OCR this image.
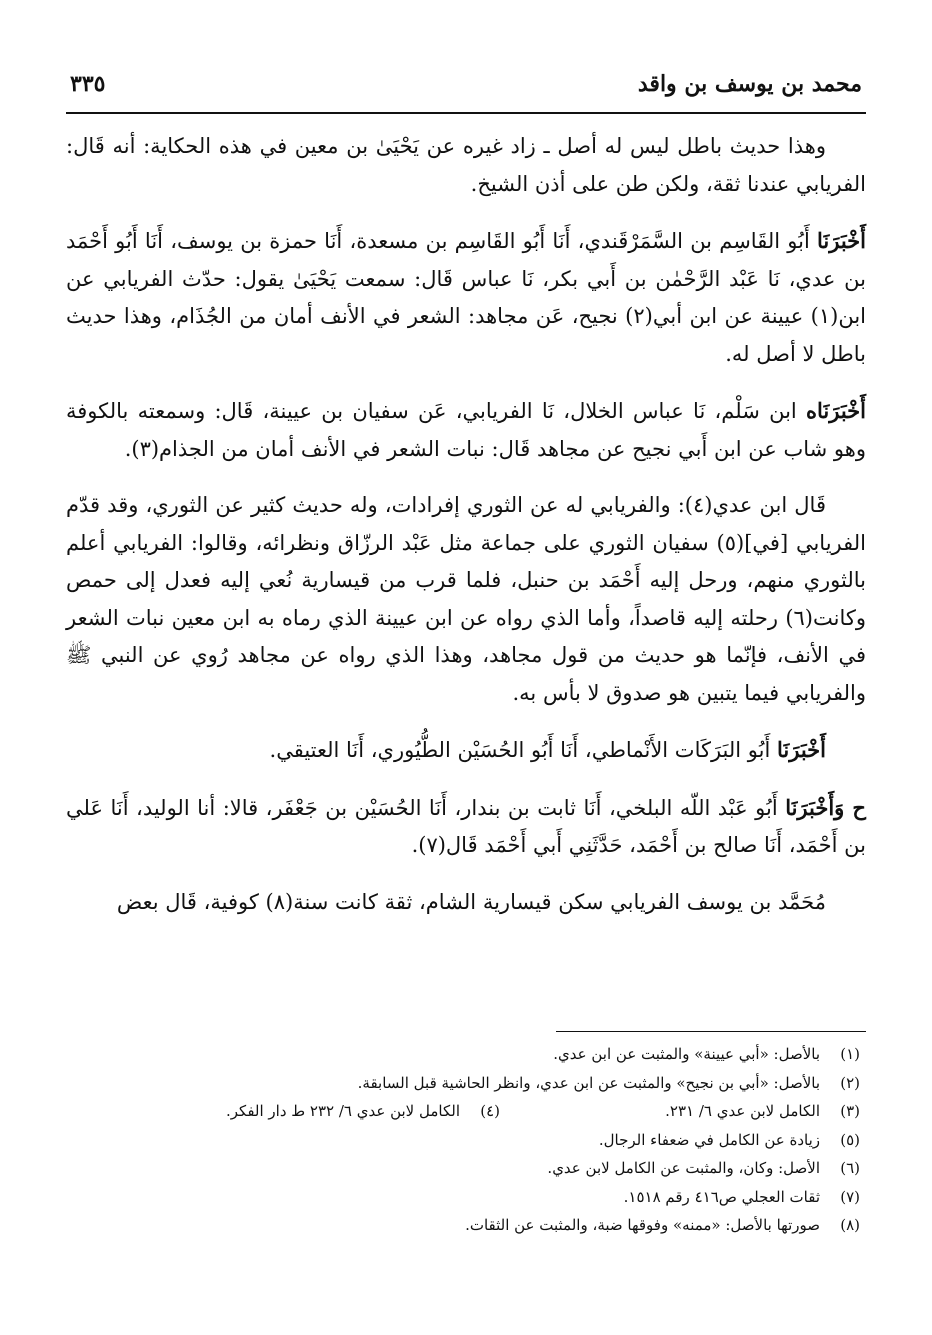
محمد بن يوسف بن واقد
٣٣٥

وهذا حديث باطل ليس له أصل ـ زاد غيره عن يَحْيَىٰ بن معين في هذه الحكاية: أنه قَال: الفريابي عندنا ثقة، ولكن طن على أذن الشيخ.

أَخْبَرَنَا أَبُو القَاسِم بن السَّمَرْقَندي، أَنَا أَبُو القَاسِم بن مسعدة، أَنَا حمزة بن يوسف، أَنَا أَبُو أَحْمَد بن عدي، نَا عَبْد الرَّحْمٰن بن أَبي بكر، نَا عباس قَال: سمعت يَحْيَىٰ يقول: حدّث الفريابي عن ابن(١) عيينة عن ابن أبي(٢) نجيح، عَن مجاهد: الشعر في الأنف أمان من الجُذَام، وهذا حديث باطل لا أصل له.

أَخْبَرَنَاه ابن سَلْم، نَا عباس الخلال، نَا الفريابي، عَن سفيان بن عيينة، قَال: وسمعته بالكوفة وهو شاب عن ابن أَبي نجيح عن مجاهد قَال: نبات الشعر في الأنف أمان من الجذام(٣).

قَال ابن عدي(٤): والفريابي له عن الثوري إفرادات، وله حديث كثير عن الثوري، وقد قدّم الفريابي [في](٥) سفيان الثوري على جماعة مثل عَبْد الرزّاق ونظرائه، وقالوا: الفريابي أعلم بالثوري منهم، ورحل إليه أَحْمَد بن حنبل، فلما قرب من قيسارية نُعي إليه فعدل إلى حمص وكانت(٦) رحلته إليه قاصداً، وأما الذي رواه عن ابن عيينة الذي رماه به ابن معين نبات الشعر في الأنف، فإنّما هو حديث من قول مجاهد، وهذا الذي رواه عن مجاهد رُوي عن النبي ﷺ والفريابي فيما يتبين هو صدوق لا بأس به.

أَخْبَرَنَا أَبُو البَرَكَات الأَنْماطي، أَنَا أَبُو الحُسَيْن الطُّيُوري، أَنَا العتيقي.

ح وَأَخْبَرَنَا أَبُو عَبْد اللّه البلخي، أَنَا ثابت بن بندار، أَنَا الحُسَيْن بن جَعْفَر، قالا: أنا الوليد، أَنَا عَلي بن أَحْمَد، أَنَا صالح بن أَحْمَد، حَدَّثَنِي أَبي أَحْمَد قَال(٧).

مُحَمَّد بن يوسف الفريابي سكن قيسارية الشام، ثقة كانت سنة(٨) كوفية، قَال بعض

(١)
بالأصل: «أبي عيينة» والمثبت عن ابن عدي.
(٢)
بالأصل: «أبي بن نجيح» والمثبت عن ابن عدي، وانظر الحاشية قبل السابقة.
(٣)
الكامل لابن عدي ٦/ ٢٣١.
(٤)
الكامل لابن عدي ٦/ ٢٣٢ ط دار الفكر.
(٥)
زيادة عن الكامل في ضعفاء الرجال.
(٦)
الأصل: وكان، والمثبت عن الكامل لابن عدي.
(٧)
ثقات العجلي ص٤١٦ رقم ١٥١٨.
(٨)
صورتها بالأصل: «ممنه» وفوقها ضبة، والمثبت عن الثقات.
